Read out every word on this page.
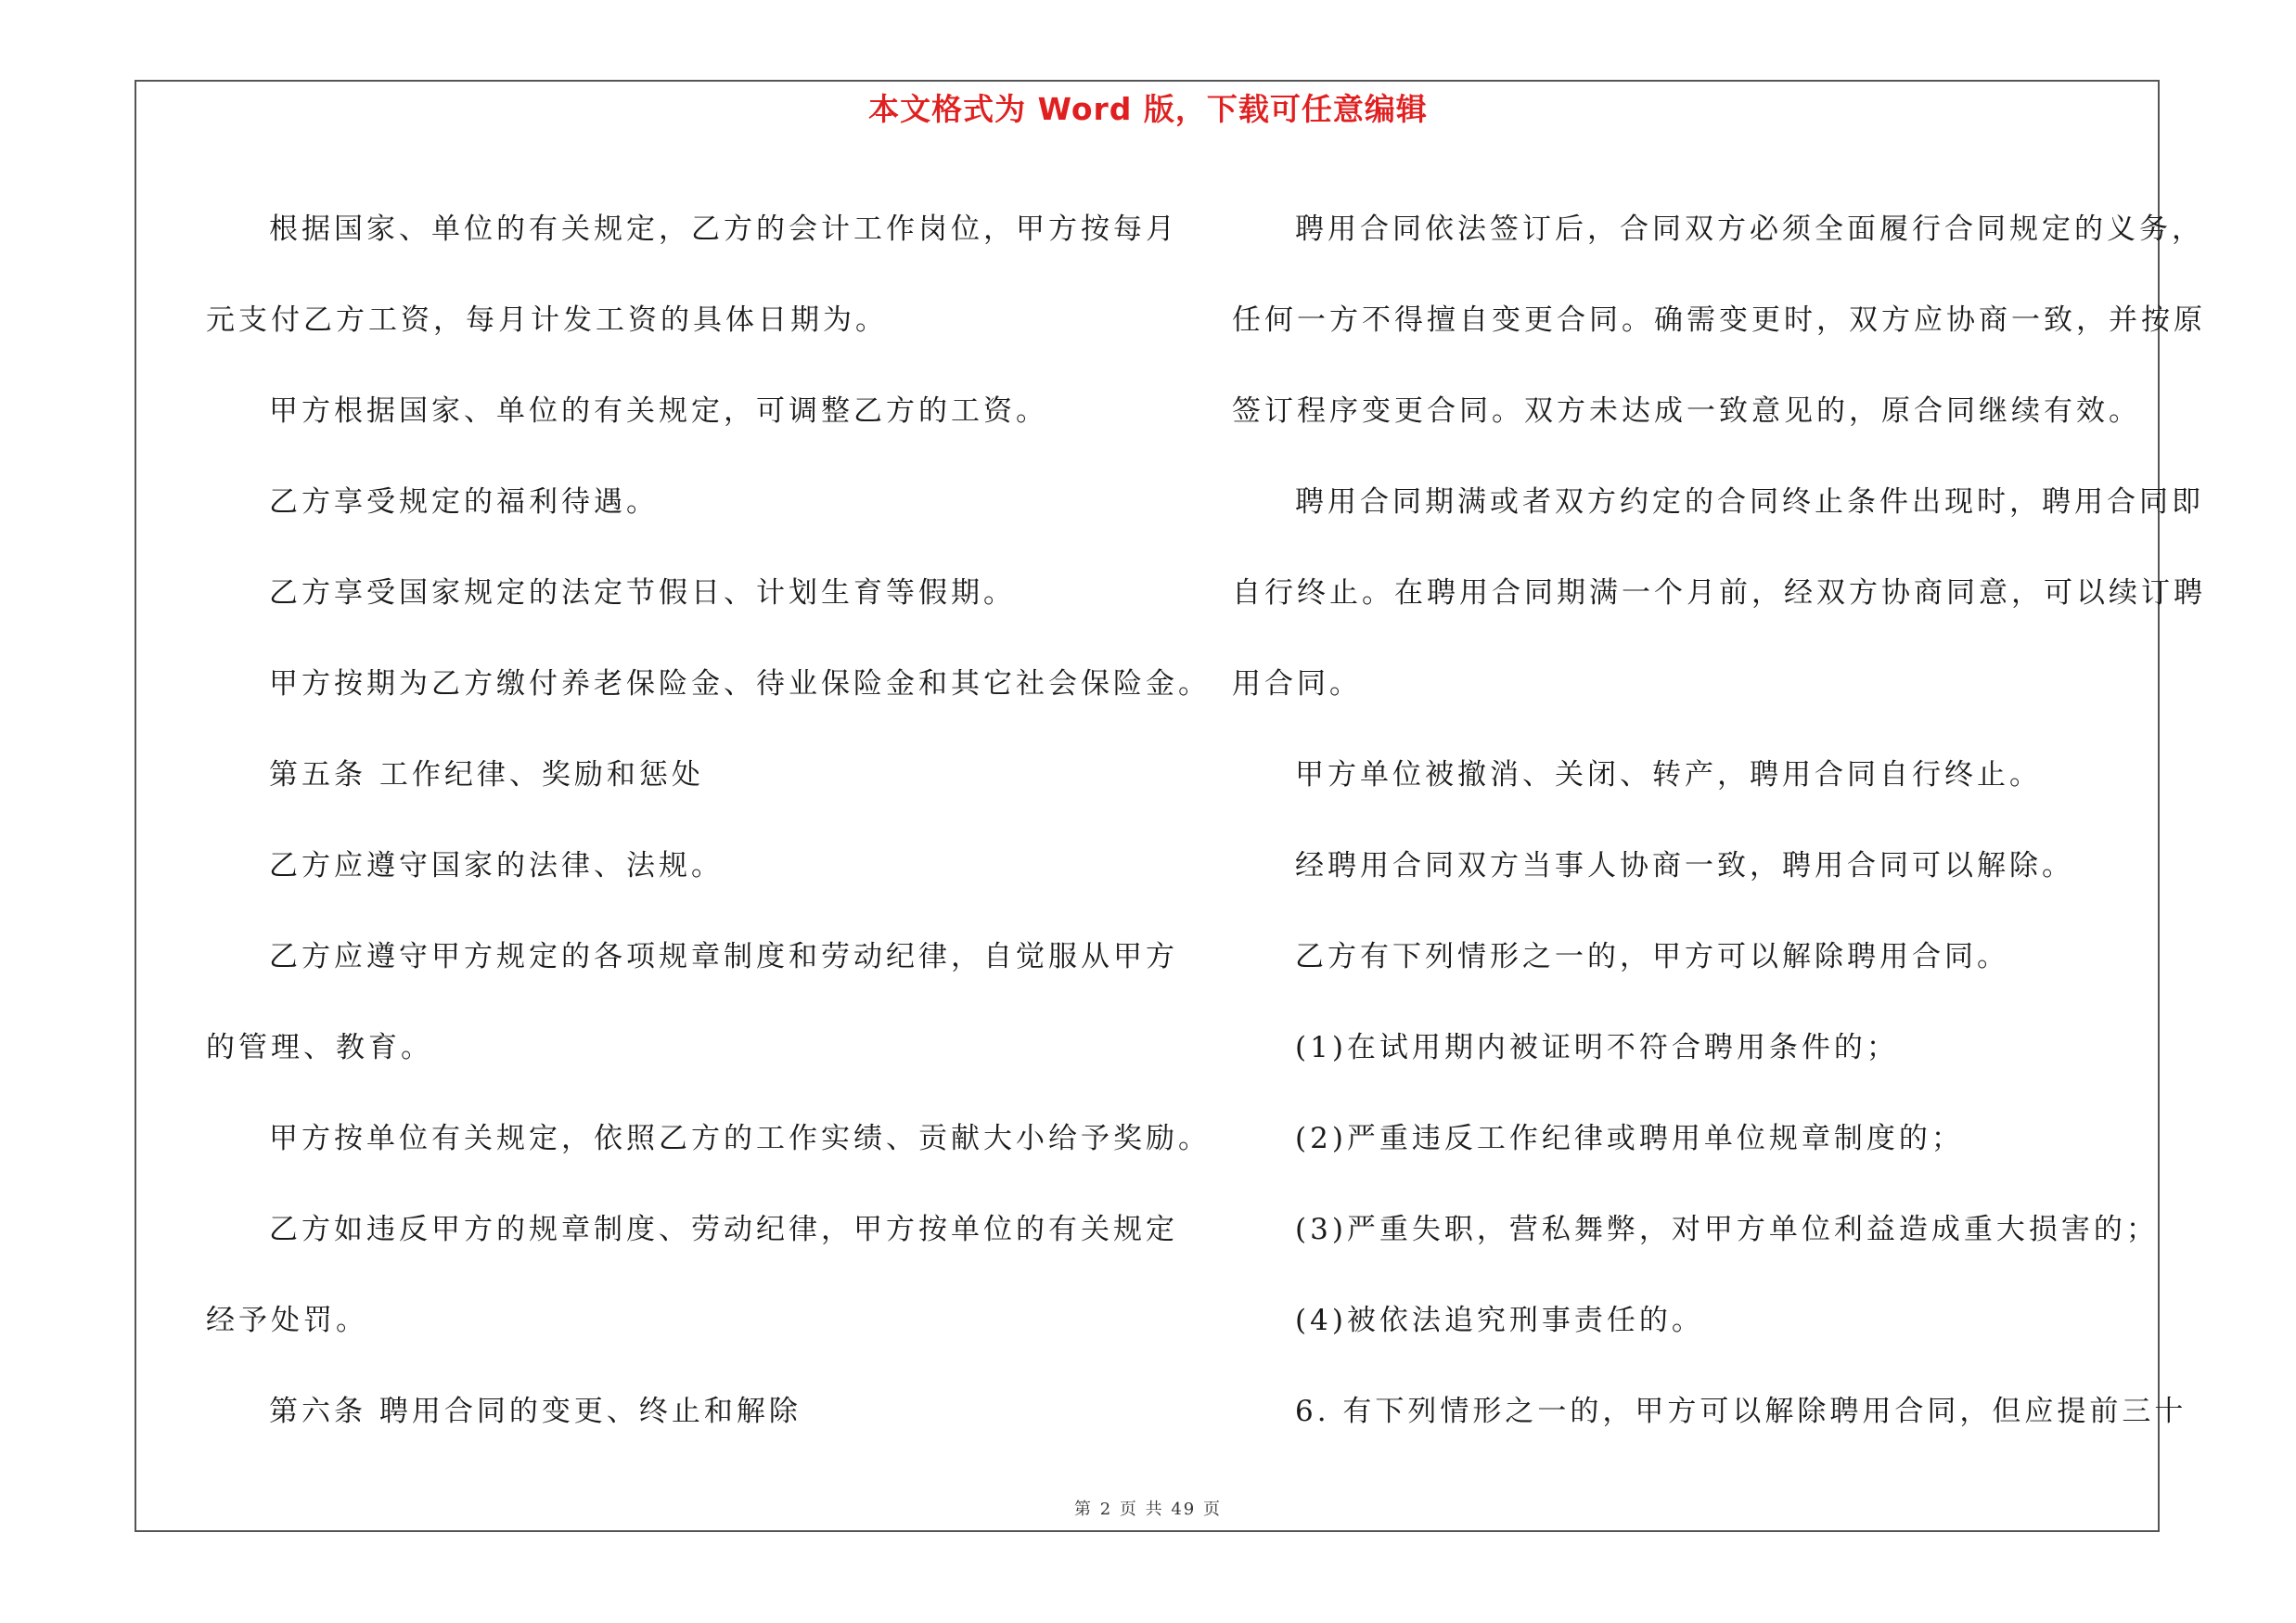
本文格式为 Word 版，下载可任意编辑

根据国家、单位的有关规定，乙方的会计工作岗位，甲方按每月

元支付乙方工资，每月计发工资的具体日期为。

甲方根据国家、单位的有关规定，可调整乙方的工资。

乙方享受规定的福利待遇。

乙方享受国家规定的法定节假日、计划生育等假期。

甲方按期为乙方缴付养老保险金、待业保险金和其它社会保险金。

第五条 工作纪律、奖励和惩处

乙方应遵守国家的法律、法规。

乙方应遵守甲方规定的各项规章制度和劳动纪律，自觉服从甲方

的管理、教育。

甲方按单位有关规定，依照乙方的工作实绩、贡献大小给予奖励。

乙方如违反甲方的规章制度、劳动纪律，甲方按单位的有关规定

经予处罚。

第六条 聘用合同的变更、终止和解除

聘用合同依法签订后，合同双方必须全面履行合同规定的义务，

任何一方不得擅自变更合同。确需变更时，双方应协商一致，并按原

签订程序变更合同。双方未达成一致意见的，原合同继续有效。

聘用合同期满或者双方约定的合同终止条件出现时，聘用合同即

自行终止。在聘用合同期满一个月前，经双方协商同意，可以续订聘

用合同。

甲方单位被撤消、关闭、转产，聘用合同自行终止。

经聘用合同双方当事人协商一致，聘用合同可以解除。

乙方有下列情形之一的，甲方可以解除聘用合同。

(1)在试用期内被证明不符合聘用条件的；

(2)严重违反工作纪律或聘用单位规章制度的；

(3)严重失职，营私舞弊，对甲方单位利益造成重大损害的；

(4)被依法追究刑事责任的。

6. 有下列情形之一的，甲方可以解除聘用合同，但应提前三十

第 2 页 共 49 页
